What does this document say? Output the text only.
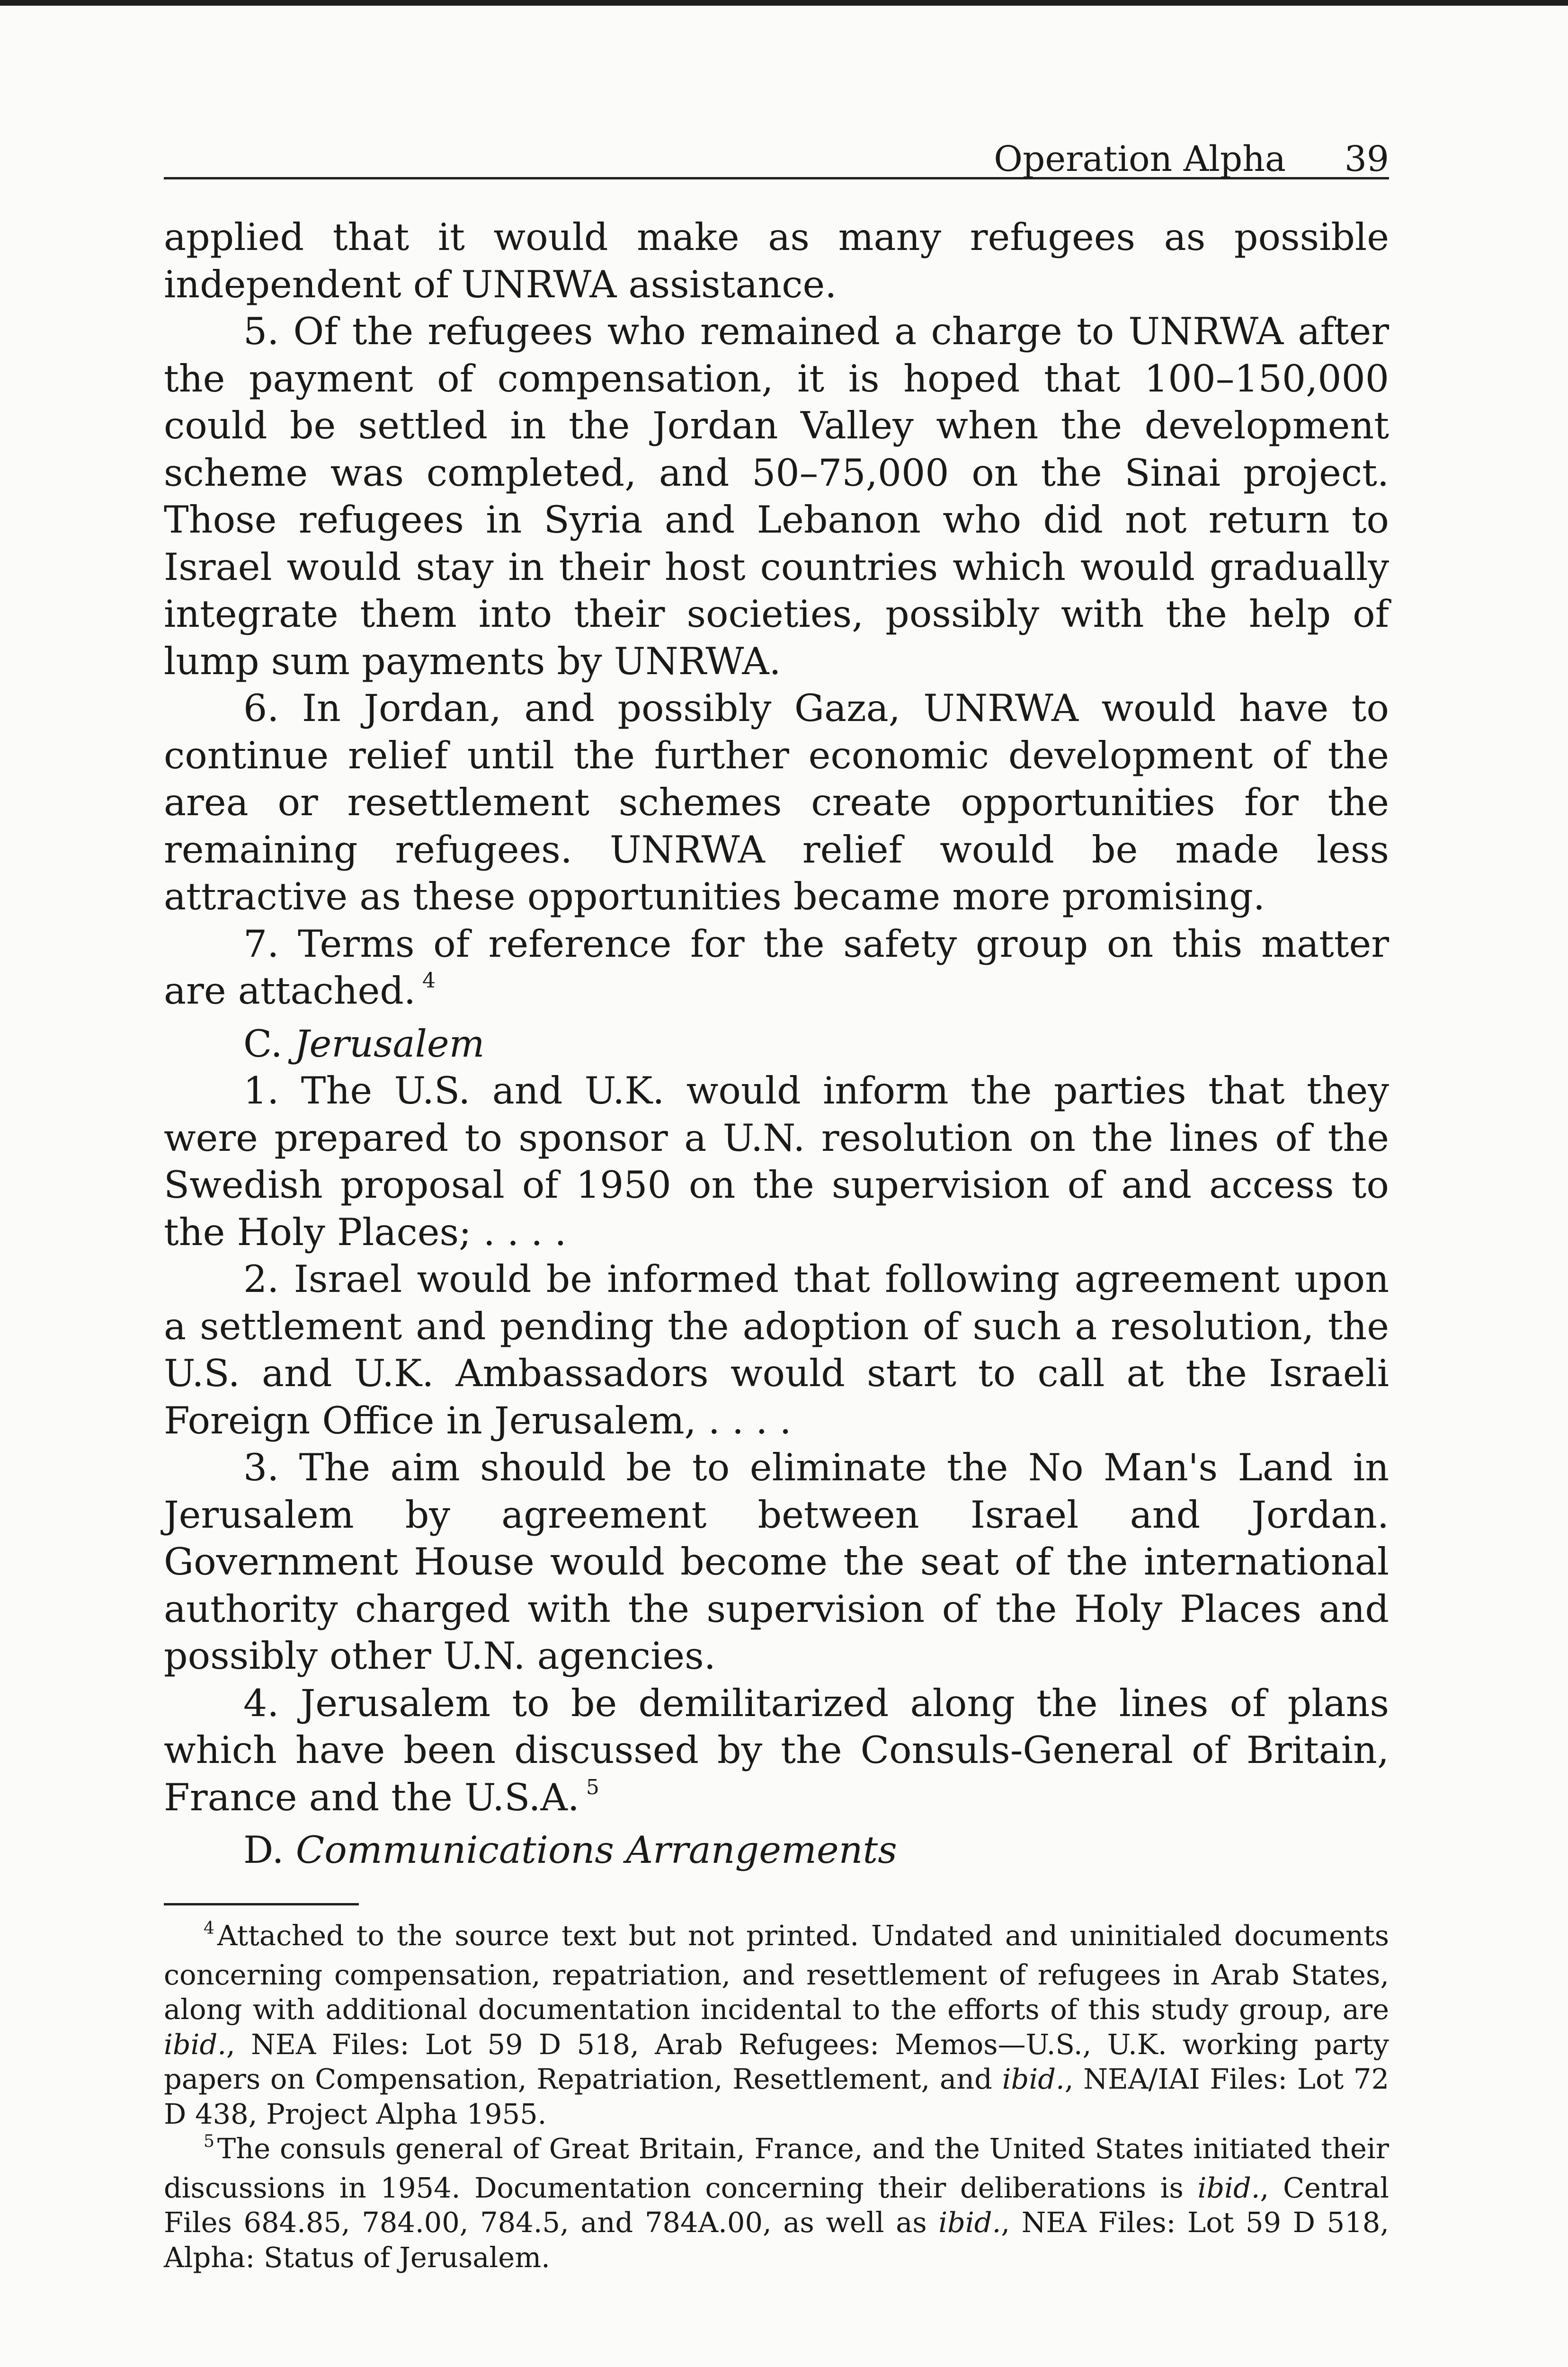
Operation Alpha 39

applied that it would make as many refugees as possible independent of UNRWA assistance.

5. Of the refugees who remained a charge to UNRWA after the payment of compensation, it is hoped that 100–150,000 could be settled in the Jordan Valley when the development scheme was completed, and 50–75,000 on the Sinai project. Those refugees in Syria and Lebanon who did not return to Israel would stay in their host countries which would gradually integrate them into their societies, possibly with the help of lump sum payments by UNRWA.

6. In Jordan, and possibly Gaza, UNRWA would have to continue relief until the further economic development of the area or resettlement schemes create opportunities for the remaining refugees. UNRWA relief would be made less attractive as these opportunities became more promising.

7. Terms of reference for the safety group on this matter are attached. $^4$

C. Jerusalem

1. The U.S. and U.K. would inform the parties that they were prepared to sponsor a U.N. resolution on the lines of the Swedish proposal of 1950 on the supervision of and access to the Holy Places; . . . .

2. Israel would be informed that following agreement upon a settlement and pending the adoption of such a resolution, the U.S. and U.K. Ambassadors would start to call at the Israeli Foreign Office in Jerusalem, . . . .

3. The aim should be to eliminate the No Man's Land in Jerusalem by agreement between Israel and Jordan. Government House would become the seat of the international authority charged with the supervision of the Holy Places and possibly other U.N. agencies.

4. Jerusalem to be demilitarized along the lines of plans which have been discussed by the Consuls-General of Britain, France and the U.S.A. $^5$

D. Communications Arrangements

$^4$ Attached to the source text but not printed. Undated and uninitialed documents concerning compensation, repatriation, and resettlement of refugees in Arab States, along with additional documentation incidental to the efforts of this study group, are ibid., NEA Files: Lot 59 D 518, Arab Refugees: Memos—U.S., U.K. working party papers on Compensation, Repatriation, Resettlement, and ibid., NEA/IAI Files: Lot 72 D 438, Project Alpha 1955.

$^5$ The consuls general of Great Britain, France, and the United States initiated their discussions in 1954. Documentation concerning their deliberations is ibid., Central Files 684.85, 784.00, 784.5, and 784A.00, as well as ibid., NEA Files: Lot 59 D 518, Alpha: Status of Jerusalem.
